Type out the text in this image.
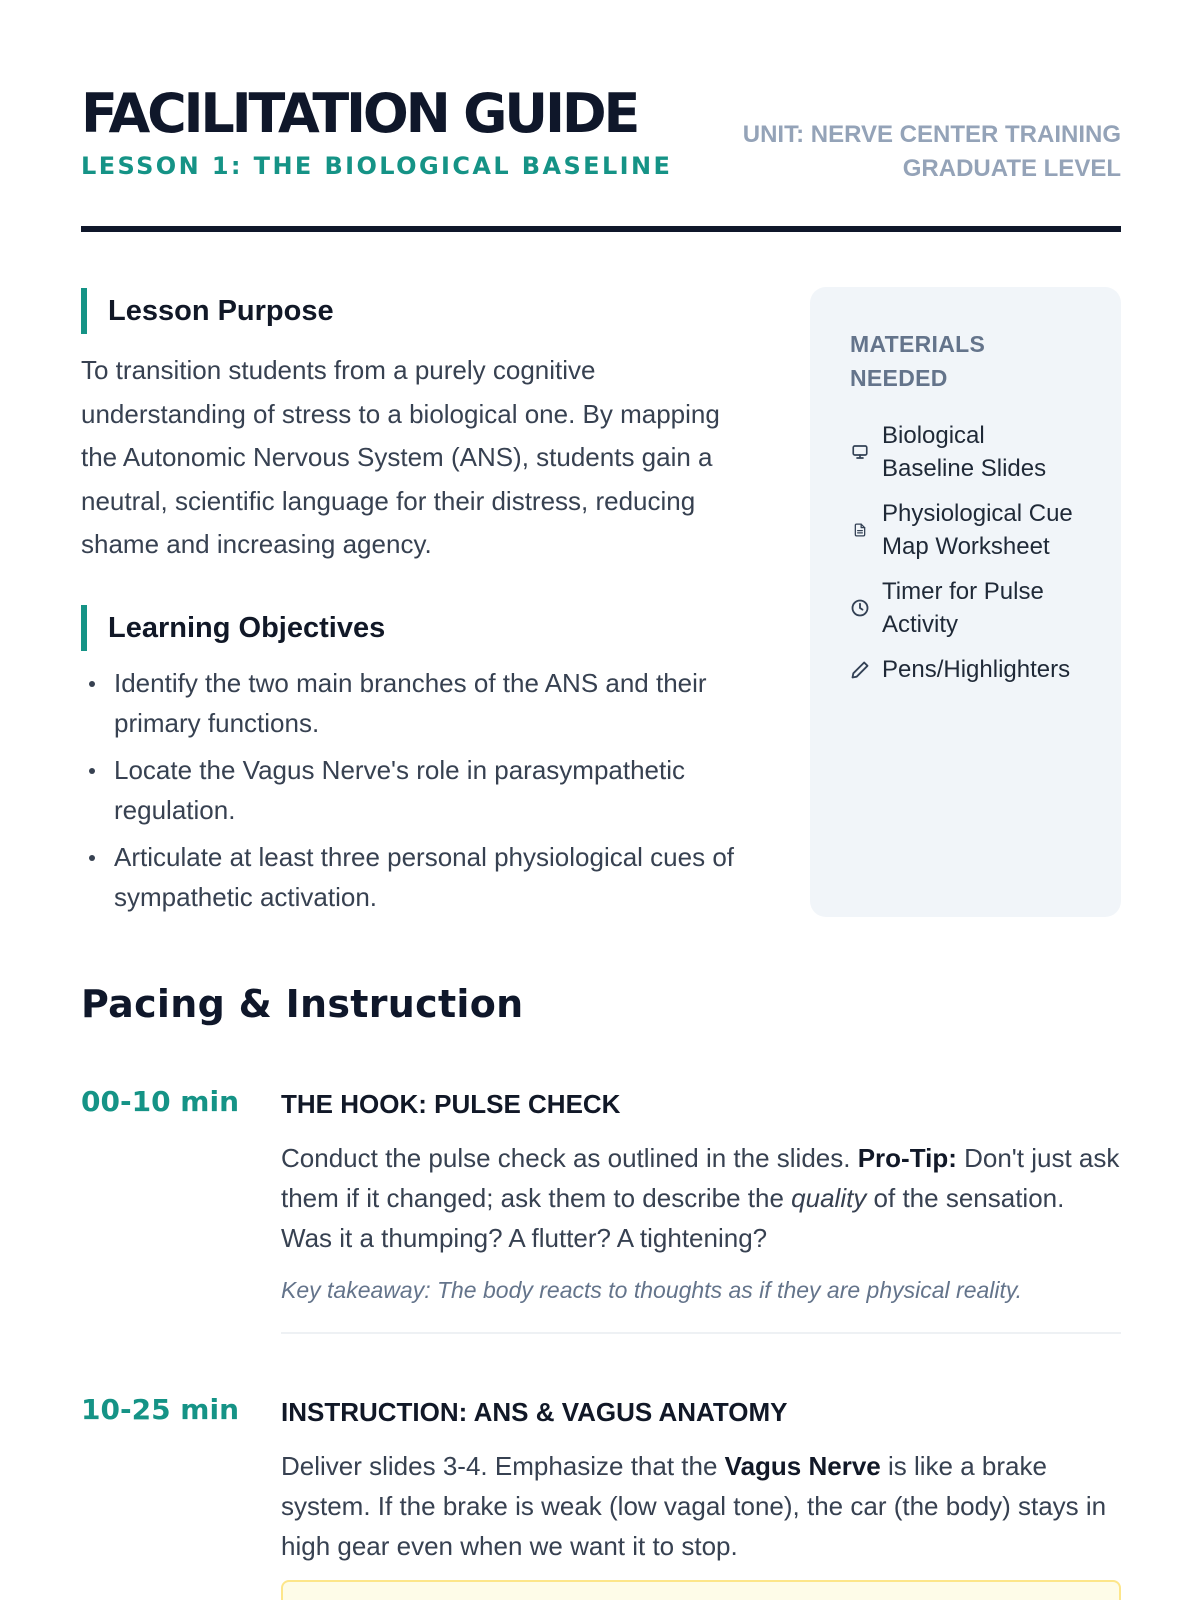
FACILITATION GUIDE
LESSON 1: THE BIOLOGICAL BASELINE
UNIT: NERVE CENTER TRAINING
GRADUATE LEVEL
Lesson Purpose

To transition students from a purely cognitive understanding of stress to a biological one. By mapping the Autonomic Nervous System (ANS), students gain a neutral, scientific language for their distress, reducing shame and increasing agency.

Learning Objectives
Identify the two main branches of the ANS and their primary functions.
Locate the Vagus Nerve's role in parasympathetic regulation.
Articulate at least three personal physiological cues of sympathetic activation.
MATERIALS
NEEDED
Biological
Baseline Slides
Physiological Cue
Map Worksheet
Timer for Pulse
Activity
Pens/Highlighters
Pacing & Instruction
00-10 min THE HOOK: PULSE CHECK

Conduct the pulse check as outlined in the slides. Pro-Tip: Don't just ask them if it changed; ask them to describe the quality of the sensation. Was it a thumping? A flutter? A tightening?

Key takeaway: The body reacts to thoughts as if they are physical reality.

10-25 min INSTRUCTION: ANS & VAGUS ANATOMY

Deliver slides 3-4. Emphasize that the Vagus Nerve is like a brake system. If the brake is weak (low vagal tone), the car (the body) stays in high gear even when we want it to stop.
